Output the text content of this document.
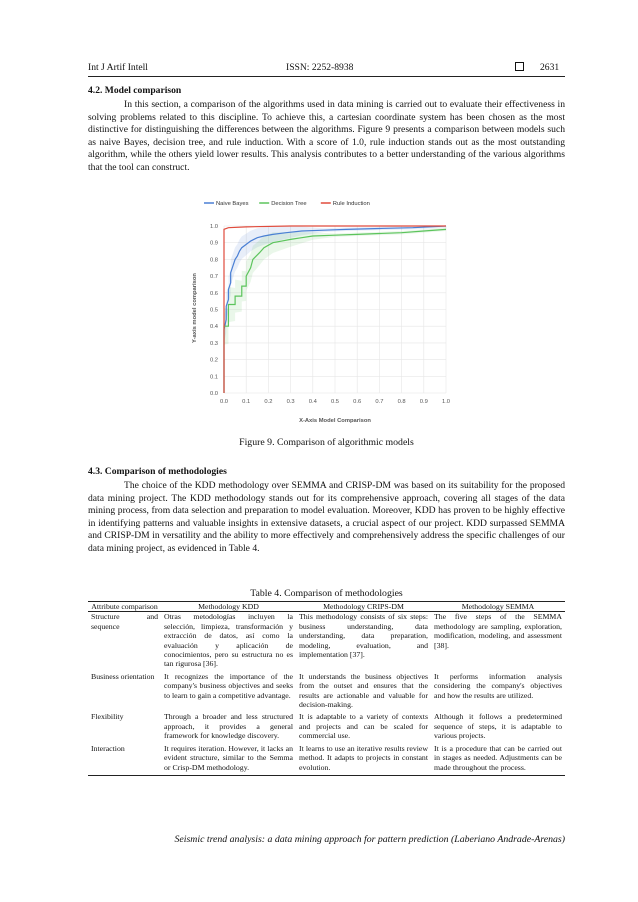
Int J Artif Intell	ISSN: 2252-8938	2631
4.2. Model comparison

In this section, a comparison of the algorithms used in data mining is carried out to evaluate their effectiveness in solving problems related to this discipline. To achieve this, a cartesian coordinate system has been chosen as the most distinctive for distinguishing the differences between the algorithms. Figure 9 presents a comparison between models such as naive Bayes, decision tree, and rule induction. With a score of 1.0, rule induction stands out as the most outstanding algorithm, while the others yield lower results. This analysis contributes to a better understanding of the various algorithms that the tool can construct.

Naive Bayes	Decision Tree	Rule Induction
0.0 0.1 0.2 0.3 0.4 0.5 0.6 0.7 0.8 0.9 1.0
0.0
0.1
0.2
0.3
0.4
0.5
0.6
0.7
0.8
0.9
1.0
X-Axis Model Comparison
Y-axis model comparison
Figure 9. Comparison of algorithmic models
4.3. Comparison of methodologies

The choice of the KDD methodology over SEMMA and CRISP-DM was based on its suitability for the proposed data mining project. The KDD methodology stands out for its comprehensive approach, covering all stages of the data mining process, from data selection and preparation to model evaluation. Moreover, KDD has proven to be highly effective in identifying patterns and valuable insights in extensive datasets, a crucial aspect of our project. KDD surpassed SEMMA and CRISP-DM in versatility and the ability to more effectively and comprehensively address the specific challenges of our data mining project, as evidenced in Table 4.

Table 4. Comparison of methodologies
Attribute comparison	Methodology KDD	Methodology CRIPS-DM	Methodology SEMMA
Structure and sequence	Otras metodologías incluyen la selección, limpieza, transformación y extracción de datos, así como la evaluación y aplicación de conocimientos, pero su estructura no es tan rigurosa [36].	This methodology consists of six steps: business understanding, data understanding, data preparation, modeling, evaluation, and implementation [37].	The five steps of the SEMMA methodology are sampling, exploration, modification, modeling, and assessment [38].
Business orientation	It recognizes the importance of the company's business objectives and seeks to learn to gain a competitive advantage.	It understands the business objectives from the outset and ensures that the results are actionable and valuable for decision-making.	It performs information analysis considering the company's objectives and how the results are utilized.
Flexibility	Through a broader and less structured approach, it provides a general framework for knowledge discovery.	It is adaptable to a variety of contexts and projects and can be scaled for commercial use.	Although it follows a predetermined sequence of steps, it is adaptable to various projects.
Interaction	It requires iteration. However, it lacks an evident structure, similar to the Semma or Crisp-DM methodology.	It learns to use an iterative results review method. It adapts to projects in constant evolution.	It is a procedure that can be carried out in stages as needed. Adjustments can be made throughout the process.
Seismic trend analysis: a data mining approach for pattern prediction (Laberiano Andrade-Arenas)
